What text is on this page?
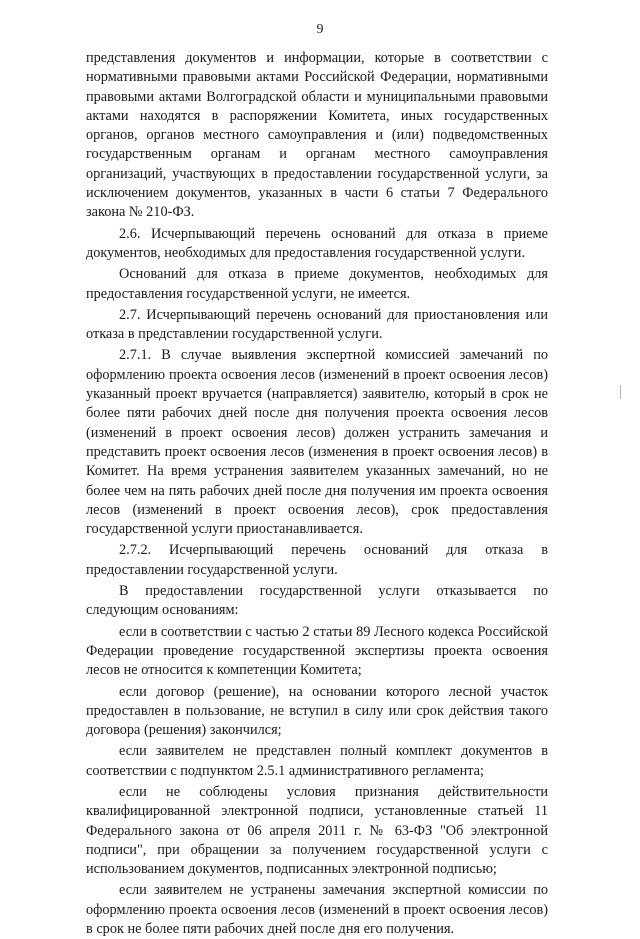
9

представления документов и информации, которые в соответствии с нормативными правовыми актами Российской Федерации, нормативными правовыми актами Волгоградской области и муниципальными правовыми актами находятся в распоряжении Комитета, иных государственных органов, органов местного самоуправления и (или) подведомственных государственным органам и органам местного самоуправления организаций, участвующих в предоставлении государственной услуги, за исключением документов, указанных в части 6 статьи 7 Федерального закона № 210-ФЗ.

2.6. Исчерпывающий перечень оснований для отказа в приеме документов, необходимых для предоставления государственной услуги.

Оснований для отказа в приеме документов, необходимых для предоставления государственной услуги, не имеется.

2.7. Исчерпывающий перечень оснований для приостановления или отказа в представлении государственной услуги.

2.7.1. В случае выявления экспертной комиссией замечаний по оформлению проекта освоения лесов (изменений в проект освоения лесов) указанный проект вручается (направляется) заявителю, который в срок не более пяти рабочих дней после дня получения проекта освоения лесов (изменений в проект освоения лесов) должен устранить замечания и представить проект освоения лесов (изменения в проект освоения лесов) в Комитет. На время устранения заявителем указанных замечаний, но не более чем на пять рабочих дней после дня получения им проекта освоения лесов (изменений в проект освоения лесов), срок предоставления государственной услуги приостанавливается.

2.7.2. Исчерпывающий перечень оснований для отказа в предоставлении государственной услуги.

В предоставлении государственной услуги отказывается по следующим основаниям:

если в соответствии с частью 2 статьи 89 Лесного кодекса Российской Федерации проведение государственной экспертизы проекта освоения лесов не относится к компетенции Комитета;

если договор (решение), на основании которого лесной участок предоставлен в пользование, не вступил в силу или срок действия такого договора (решения) закончился;

если заявителем не представлен полный комплект документов в соответствии с подпунктом 2.5.1 административного регламента;

если не соблюдены условия признания действительности квалифицированной электронной подписи, установленные статьей 11 Федерального закона от 06 апреля 2011 г. № 63-ФЗ "Об электронной подписи", при обращении за получением государственной услуги с использованием документов, подписанных электронной подписью;

если заявителем не устранены замечания экспертной комиссии по оформлению проекта освоения лесов (изменений в проект освоения лесов) в срок не более пяти рабочих дней после дня его получения.
